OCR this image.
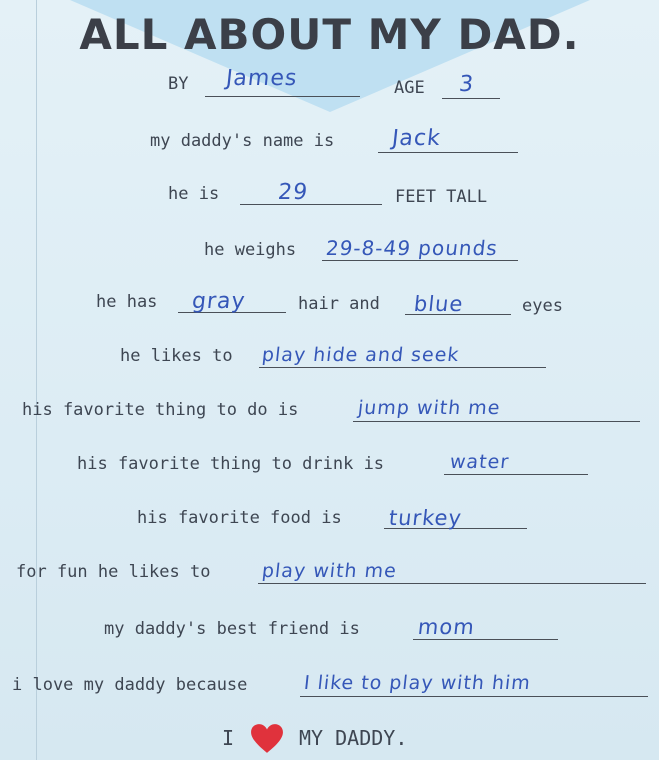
ALL ABOUT MY DAD.
BY James	AGE 3
my daddy's name is	Jack
he is	29	FEET TALL
he weighs 29-8-49 pounds
he has gray	hair and blue	eyes
he likes to play hide and seek
his favorite thing to do is	jump with me
his favorite thing to drink is	water
his favorite food is turkey
for fun he likes to	play with me
my daddy's best friend is	mom
i love my daddy because	I like to play with him
I	MY DADDY.
